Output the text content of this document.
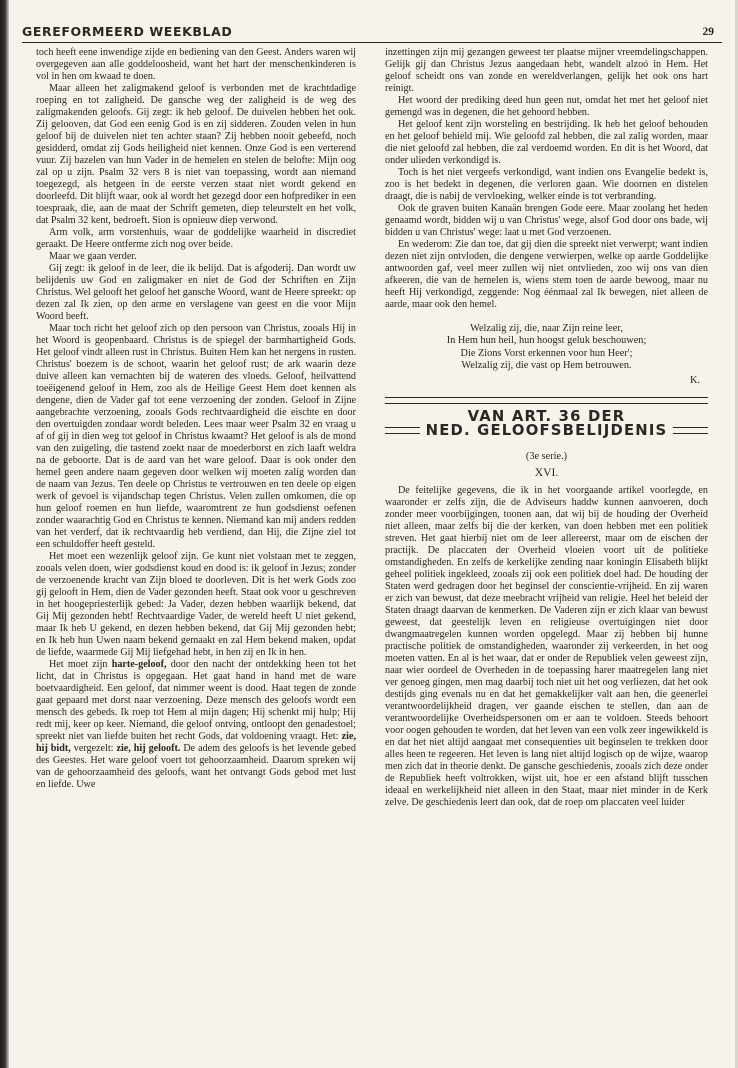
GEREFORMEERD WEEKBLAD	29

toch heeft eene inwendige zijde en bediening van den Geest. Anders waren wij overgegeven aan alle goddeloosheid, want het hart der menschenkinderen is vol in hen om kwaad te doen.

Maar alleen het zaligmakend geloof is verbonden met de krachtdadige roeping en tot zaligheid. De gansche weg der zaligheid is de weg des zaligmakenden geloofs. Gij zegt: ik heb geloof. De duivelen hebben het ook. Zij gelooven, dat God een eenig God is en zij sidderen. Zouden velen in hun geloof bij de duivelen niet ten achter staan? Zij hebben nooit gebeefd, noch gesidderd, omdat zij Gods heiligheid niet kennen. Onze God is een verterend vuur. Zij bazelen van hun Vader in de hemelen en stelen de belofte: Mijn oog zal op u zijn. Psalm 32 vers 8 is niet van toepassing, wordt aan niemand toegezegd, als hetgeen in de eerste verzen staat niet wordt gekend en doorleefd. Dit blijft waar, ook al wordt het gezegd door een hofprediker in een toespraak, die, aan de maat der Schrift gemeten, diep teleurstelt en het volk, dat Psalm 32 kent, bedroeft. Sion is opnieuw diep verwond.

Arm volk, arm vorstenhuis, waar de goddelijke waarheid in discrediet geraakt. De Heere ontferme zich nog over beide.

Maar we gaan verder.

Gij zegt: ik geloof in de leer, die ik belijd. Dat is afgoderij. Dan wordt uw belijdenis uw God en zaligmaker en niet de God der Schriften en Zijn Christus. Wel gelooft het geloof het gansche Woord, want de Heere spreekt: op dezen zal Ik zien, op den arme en verslagene van geest en die voor Mijn Woord beeft.

Maar toch richt het geloof zich op den persoon van Christus, zooals Hij in het Woord is geopenbaard. Christus is de spiegel der barmhartigheid Gods. Het geloof vindt alleen rust in Christus. Buiten Hem kan het nergens in rusten. Christus' boezem is de schoot, waarin het geloof rust; de ark waarin deze duive alleen kan vernachten bij de wateren des vloeds. Geloof, heilvattend toeëigenend geloof in Hem, zoo als de Heilige Geest Hem doet kennen als dengene, dien de Vader gaf tot eene verzoening der zonden. Geloof in Zijne aangebrachte verzoening, zooals Gods rechtvaardigheid die eischte en door den overtuigden zondaar wordt beleden. Lees maar weer Psalm 32 en vraag u af of gij in dien weg tot geloof in Christus kwaamt? Het geloof is als de mond van den zuigeling, die tastend zoekt naar de moederborst en zich laaft weldra na de geboorte. Dat is de aard van het ware geloof. Daar is ook onder den hemel geen andere naam gegeven door welken wij moeten zalig worden dan de naam van Jezus. Ten deele op Christus te vertrouwen en ten deele op eigen werk of gevoel is vijandschap tegen Christus. Velen zullen omkomen, die op hun geloof roemen en hun liefde, waaromtrent ze hun godsdienst oefenen zonder waarachtig God en Christus te kennen. Niemand kan mij anders redden van het verderf, dat ik rechtvaardig heb verdiend, dan Hij, die Zijne ziel tot een schuldoffer heeft gesteld.

Het moet een wezenlijk geloof zijn. Ge kunt niet volstaan met te zeggen, zooals velen doen, wier godsdienst koud en dood is: ik geloof in Jezus; zonder de verzoenende kracht van Zijn bloed te doorleven. Dit is het werk Gods zoo gij gelooft in Hem, dien de Vader gezonden heeft. Staat ook voor u geschreven in het hoogepriesterlijk gebed: Ja Vader, dezen hebben waarlijk bekend, dat Gij Mij gezonden hebt! Rechtvaardige Vader, de wereld heeft U niet gekend, maar Ik heb U gekend, en dezen hebben bekend, dat Gij Mij gezonden hebt; en Ik heb hun Uwen naam bekend gemaakt en zal Hem bekend maken, opdat de liefde, waarmede Gij Mij liefgehad hebt, in hen zij en Ik in hen.

Het moet zijn harte-geloof, door den nacht der ontdekking heen tot het licht, dat in Christus is opgegaan. Het gaat hand in hand met de ware boetvaardigheid. Een geloof, dat nimmer weent is dood. Haat tegen de zonde gaat gepaard met dorst naar verzoening. Deze mensch des geloofs wordt een mensch des gebeds. Ik roep tot Hem al mijn dagen; Hij schenkt mij hulp; Hij redt mij, keer op keer. Niemand, die geloof ontving, ontloopt den genadestoel; spreekt niet van liefde buiten het recht Gods, dat voldoening vraagt. Het: zie, hij bidt, vergezelt: zie, hij gelooft. De adem des geloofs is het levende gebed des Geestes. Het ware geloof voert tot gehoorzaamheid. Daarom spreken wij van de gehoorzaamheid des geloofs, want het ontvangt Gods gebod met lust en liefde. Uwe

inzettingen zijn mij gezangen geweest ter plaatse mijner vreemdelingschappen. Gelijk gij dan Christus Jezus aangedaan hebt, wandelt alzoó in Hem. Het geloof scheidt ons van zonde en wereldverlangen, gelijk het ook ons hart reinigt.

Het woord der prediking deed hun geen nut, omdat het met het geloof niet gemengd was in degenen, die het gehoord hebben.

Het geloof kent zijn worsteling en bestrijding. Ik heb het geloof behouden en het geloof behield mij. Wie geloofd zal hebben, die zal zalig worden, maar die niet geloofd zal hebben, die zal verdoemd worden. En dit is het Woord, dat onder ulieden verkondigd is.

Toch is het niet vergeefs verkondigd, want indien ons Evangelie bedekt is, zoo is het bedekt in degenen, die verloren gaan. Wie doornen en distelen draagt, die is nabij de vervloeking, welker einde is tot verbranding.

Ook de graven buiten Kanaän brengen Gode eere. Maar zoolang het heden genaamd wordt, bidden wij u van Christus' wege, alsof God door ons bade, wij bidden u van Christus' wege: laat u met God verzoenen.

En wederom: Zie dan toe, dat gij dien die spreekt niet verwerpt; want indien dezen niet zijn ontvloden, die dengene verwierpen, welke op aarde Goddelijke antwoorden gaf, veel meer zullen wij niet ontvlieden, zoo wij ons van dien afkeeren, die van de hemelen is, wiens stem toen de aarde bewoog, maar nu heeft Hij verkondigd, zeggende: Nog éénmaal zal Ik bewegen, niet alleen de aarde, maar ook den hemel.

Welzalig zij, die, naar Zijn reine leer,
In Hem hun heil, hun hoogst geluk beschouwen;
Die Zions Vorst erkennen voor hun Heer';
Welzalig zij, die vast op Hem betrouwen.
K.
VAN ART. 36 DER
NED. GELOOFSBELIJDENIS
(3e serie.)
XVI.

De feitelijke gegevens, die ik in het voorgaande artikel voorlegde, en waaronder er zelfs zijn, die de Adviseurs haddw kunnen aanvoeren, doch zonder meer voorbijgingen, toonen aan, dat wij bij de houding der Overheid niet alleen, maar zelfs bij die der kerken, van doen hebben met een politiek streven. Het gaat hierbij niet om de leer allereerst, maar om de eischen der practijk. De placcaten der Overheid vloeien voort uit de politieke omstandigheden. En zelfs de kerkelijke zending naar koningin Elisabeth blijkt geheel politiek ingekleed, zooals zij ook een politiek doel had. De houding der Staten werd gedragen door het beginsel der conscientie-vrijheid. En zij waren er zich van bewust, dat deze meebracht vrijheid van religie. Heel het beleid der Staten draagt daarvan de kenmerken. De Vaderen zijn er zich klaar van bewust geweest, dat geestelijk leven en religieuse overtuigingen niet door dwangmaatregelen kunnen worden opgelegd. Maar zij hebben bij hunne practische politiek de omstandigheden, waaronder zij verkeerden, in het oog moeten vatten. En al is het waar, dat er onder de Republiek velen geweest zijn, naar wier oordeel de Overheden in de toepassing harer maatregelen lang niet ver genoeg gingen, men mag daarbij toch niet uit het oog verliezen, dat het ook destijds ging evenals nu en dat het gemakkelijker valt aan hen, die geenerlei verantwoordelijkheid dragen, ver gaande eischen te stellen, dan aan de verantwoordelijke Overheidspersonen om er aan te voldoen. Steeds behoort voor oogen gehouden te worden, dat het leven van een volk zeer ingewikkeld is en dat het niet altijd aangaat met consequenties uit beginselen te trekken door alles heen te regeeren. Het leven is lang niet altijd logisch op de wijze, waarop men zich dat in theorie denkt. De gansche geschiedenis, zooals zich deze onder de Republiek heeft voltrokken, wijst uit, hoe er een afstand blijft tusschen ideaal en werkelijkheid niet alleen in den Staat, maar niet minder in de Kerk zelve. De geschiedenis leert dan ook, dat de roep om placcaten veel luider
